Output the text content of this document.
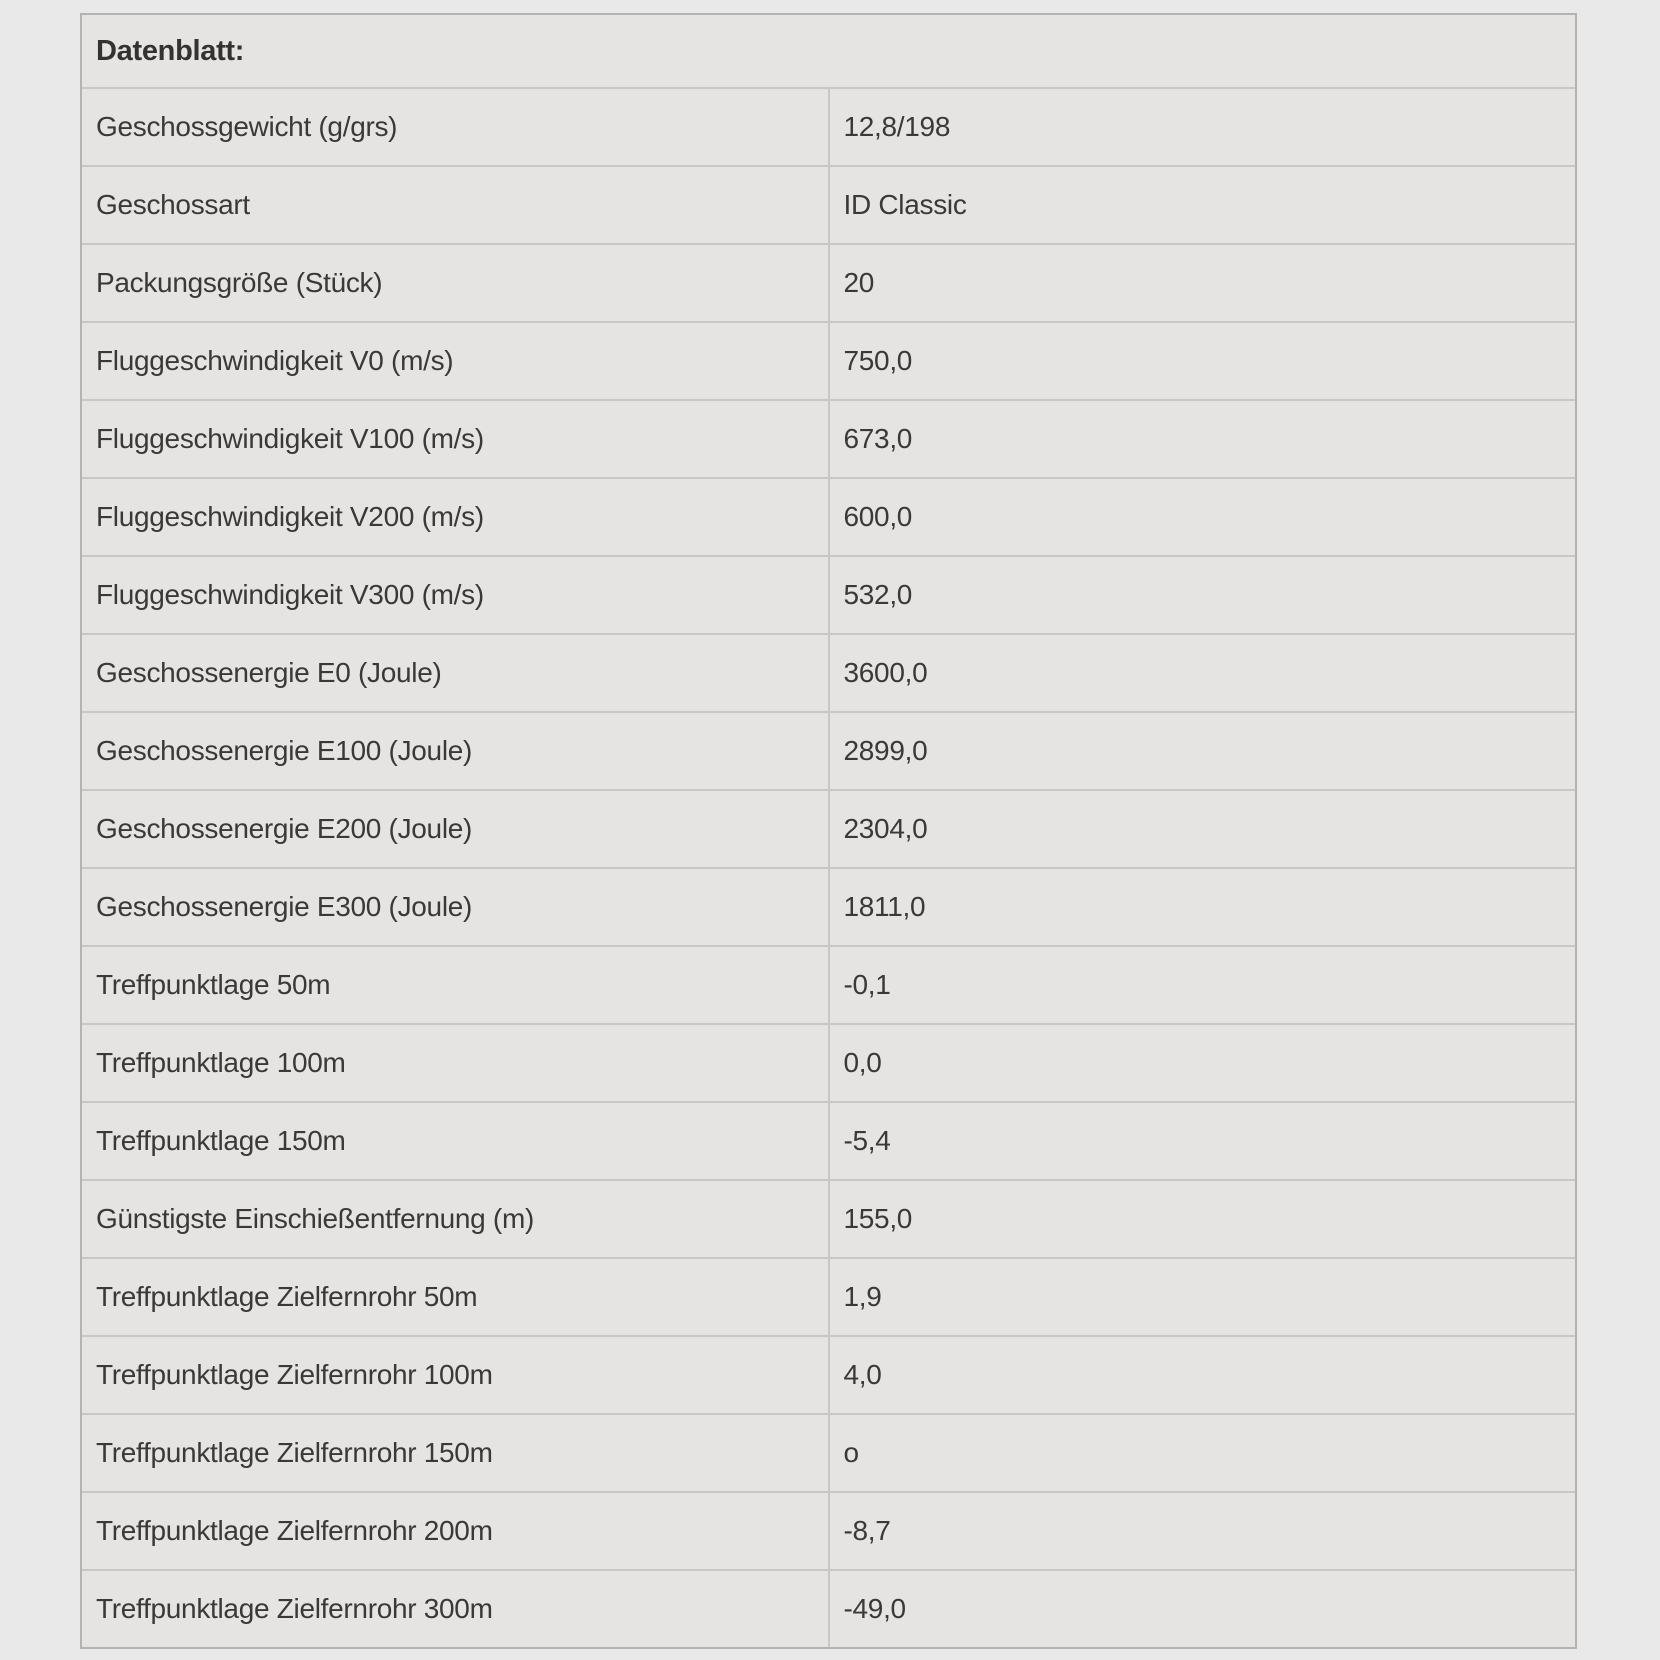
Datenblatt:	
Geschossgewicht (g/grs)	12,8/198
Geschossart	ID Classic
Packungsgröße (Stück)	20
Fluggeschwindigkeit V0 (m/s)	750,0
Fluggeschwindigkeit V100 (m/s)	673,0
Fluggeschwindigkeit V200 (m/s)	600,0
Fluggeschwindigkeit V300 (m/s)	532,0
Geschossenergie E0 (Joule)	3600,0
Geschossenergie E100 (Joule)	2899,0
Geschossenergie E200 (Joule)	2304,0
Geschossenergie E300 (Joule)	1811,0
Treffpunktlage 50m	-0,1
Treffpunktlage 100m	0,0
Treffpunktlage 150m	-5,4
Günstigste Einschießentfernung (m)	155,0
Treffpunktlage Zielfernrohr 50m	1,9
Treffpunktlage Zielfernrohr 100m	4,0
Treffpunktlage Zielfernrohr 150m	o
Treffpunktlage Zielfernrohr 200m	-8,7
Treffpunktlage Zielfernrohr 300m	-49,0
